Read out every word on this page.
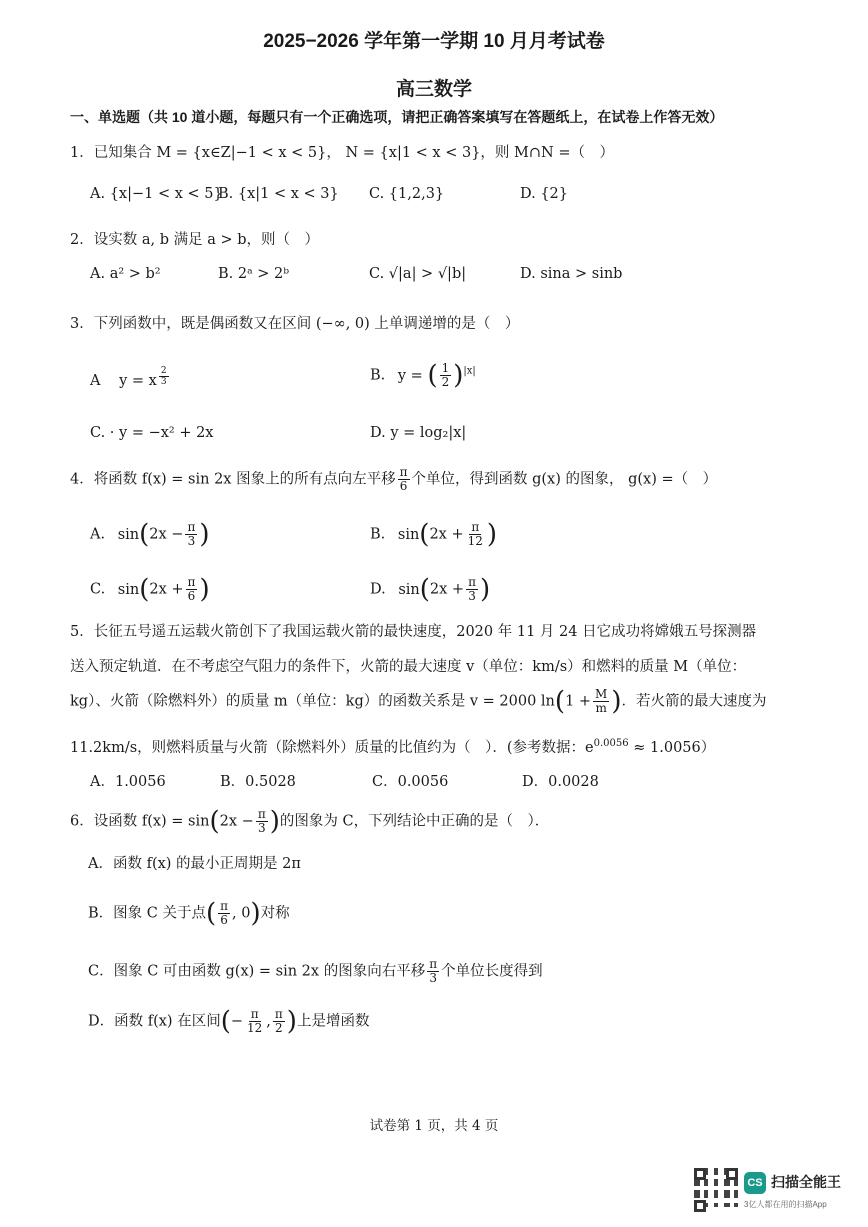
2025−2026 学年第一学期 10 月月考试卷
高三数学
一、单选题（共 10 道小题，每题只有一个正确选项，请把正确答案填写在答题纸上，在试卷上作答无效）
1．已知集合 M = {x∈Z|−1 < x < 5}， N = {x|1 < x < 3}，则 M∩N =（　）
A. {x|−1 < x < 5}
B. {x|1 < x < 3} C. {1,2,3}	D. {2}
2．设实数 a, b 满足 a > b，则（　）
A. a² > b²	B. 2ᵃ > 2ᵇ	C. √|a| > √|b|	D. sina > sinb
3．下列函数中，既是偶函数又在区间 (−∞, 0) 上单调递增的是（　）
A y = x $^{\frac{2}{3}}$	B. y = ( $\frac{1}{2} )^{|x|}$
C. · y = −x² + 2x	D. y = log₂|x|
4．将函数 f(x) = sin 2x 图象上的所有点向左平移 $\frac{\pi}{6}$ 个单位，得到函数 g(x) 的图象， g(x) =（　）
A. $\sin(2x - \frac{\pi}{3}$ )	B. $\sin(2x + \frac{\pi}{12}$ )
C. $\sin(2x + \frac{\pi}{6}$ )	D. $\sin(2x + \frac{\pi}{3}$ )
5．长征五号遥五运载火箭创下了我国运载火箭的最快速度，2020 年 11 月 24 日它成功将嫦娥五号探测器
送入预定轨道．在不考虑空气阻力的条件下，火箭的最大速度 v（单位：km/s）和燃料的质量 M（单位：
kg）、火箭（除燃料外）的质量 m（单位：kg）的函数关系是 v = 2000 $\ln(1 + \frac{M}{m}$ )．若火箭的最大速度为
11.2km/s，则燃料质量与火箭（除燃料外）质量的比值约为（　）．(参考数据：$e^{0.0056} \approx 1.0056$）
A．1.0056	B．0.5028	C．0.0056	D．0.0028
6．设函数 $f(x) = \sin(2x - \frac{\pi}{3}$ )的图象为 C，下列结论中正确的是（　）．
A．函数 f(x) 的最小正周期是 2π
B．图象 C 关于点( $\frac{\pi}{6}$ , 0)对称
C．图象 C 可由函数 g(x) = sin 2x 的图象向右平移 $\frac{\pi}{3}$ 个单位长度得到
D．函数 f(x) 在区间(− $\frac{\pi}{12}$ , $\frac{\pi}{2}$ )上是增函数
试卷第 1 页，共 4 页
CS 扫描全能王
3亿人都在用的扫描App
